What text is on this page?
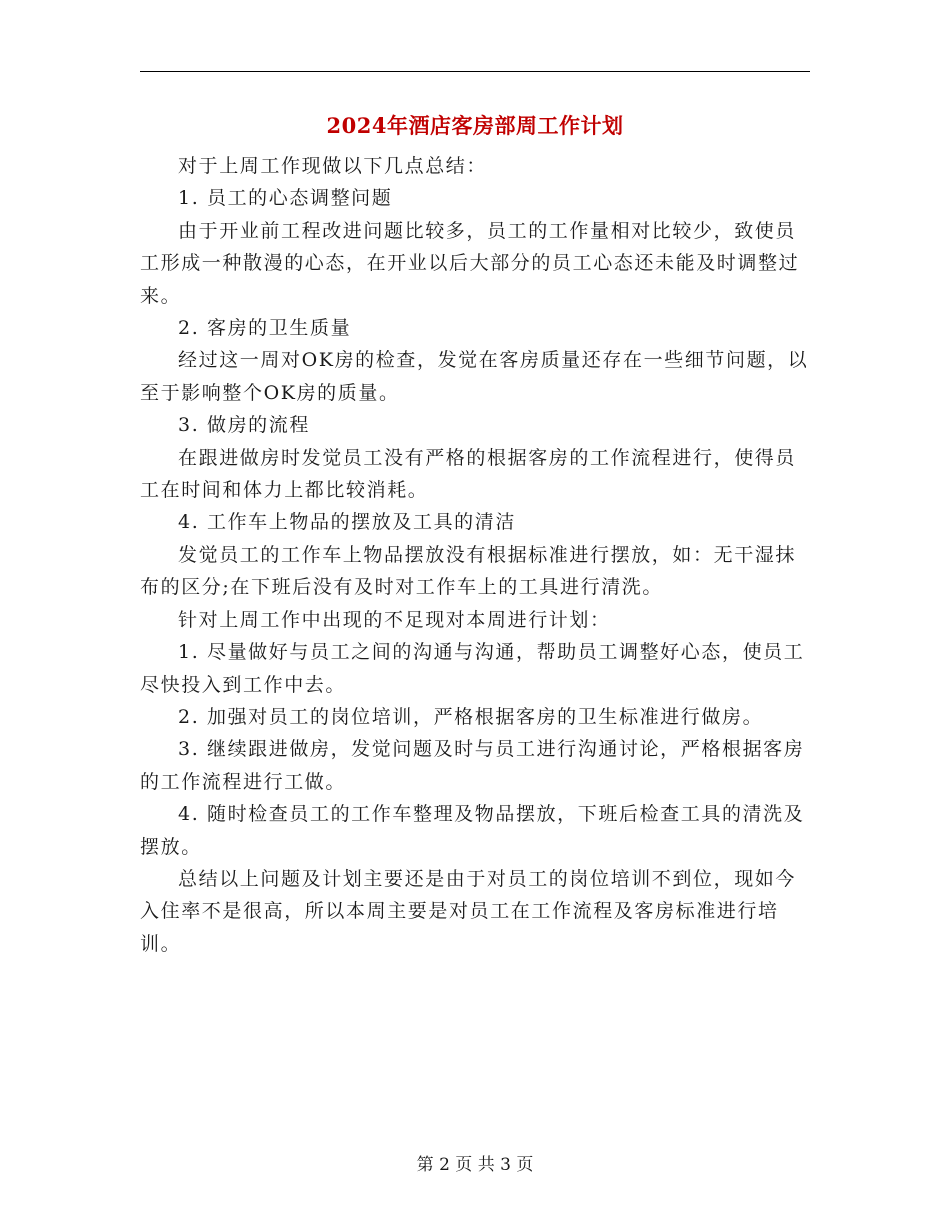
2024年酒店客房部周工作计划

对于上周工作现做以下几点总结：

1. 员工的心态调整问题

由于开业前工程改进问题比较多，员工的工作量相对比较少，致使员工形成一种散漫的心态，在开业以后大部分的员工心态还未能及时调整过来。

2. 客房的卫生质量

经过这一周对OK房的检查，发觉在客房质量还存在一些细节问题，以至于影响整个OK房的质量。

3. 做房的流程

在跟进做房时发觉员工没有严格的根据客房的工作流程进行，使得员工在时间和体力上都比较消耗。

4. 工作车上物品的摆放及工具的清洁

发觉员工的工作车上物品摆放没有根据标准进行摆放，如：无干湿抹布的区分;在下班后没有及时对工作车上的工具进行清洗。

针对上周工作中出现的不足现对本周进行计划：

1. 尽量做好与员工之间的沟通与沟通，帮助员工调整好心态，使员工尽快投入到工作中去。

2. 加强对员工的岗位培训，严格根据客房的卫生标准进行做房。

3. 继续跟进做房，发觉问题及时与员工进行沟通讨论，严格根据客房的工作流程进行工做。

4. 随时检查员工的工作车整理及物品摆放，下班后检查工具的清洗及摆放。

总结以上问题及计划主要还是由于对员工的岗位培训不到位，现如今入住率不是很高，所以本周主要是对员工在工作流程及客房标准进行培训。

第 2 页 共 3 页
